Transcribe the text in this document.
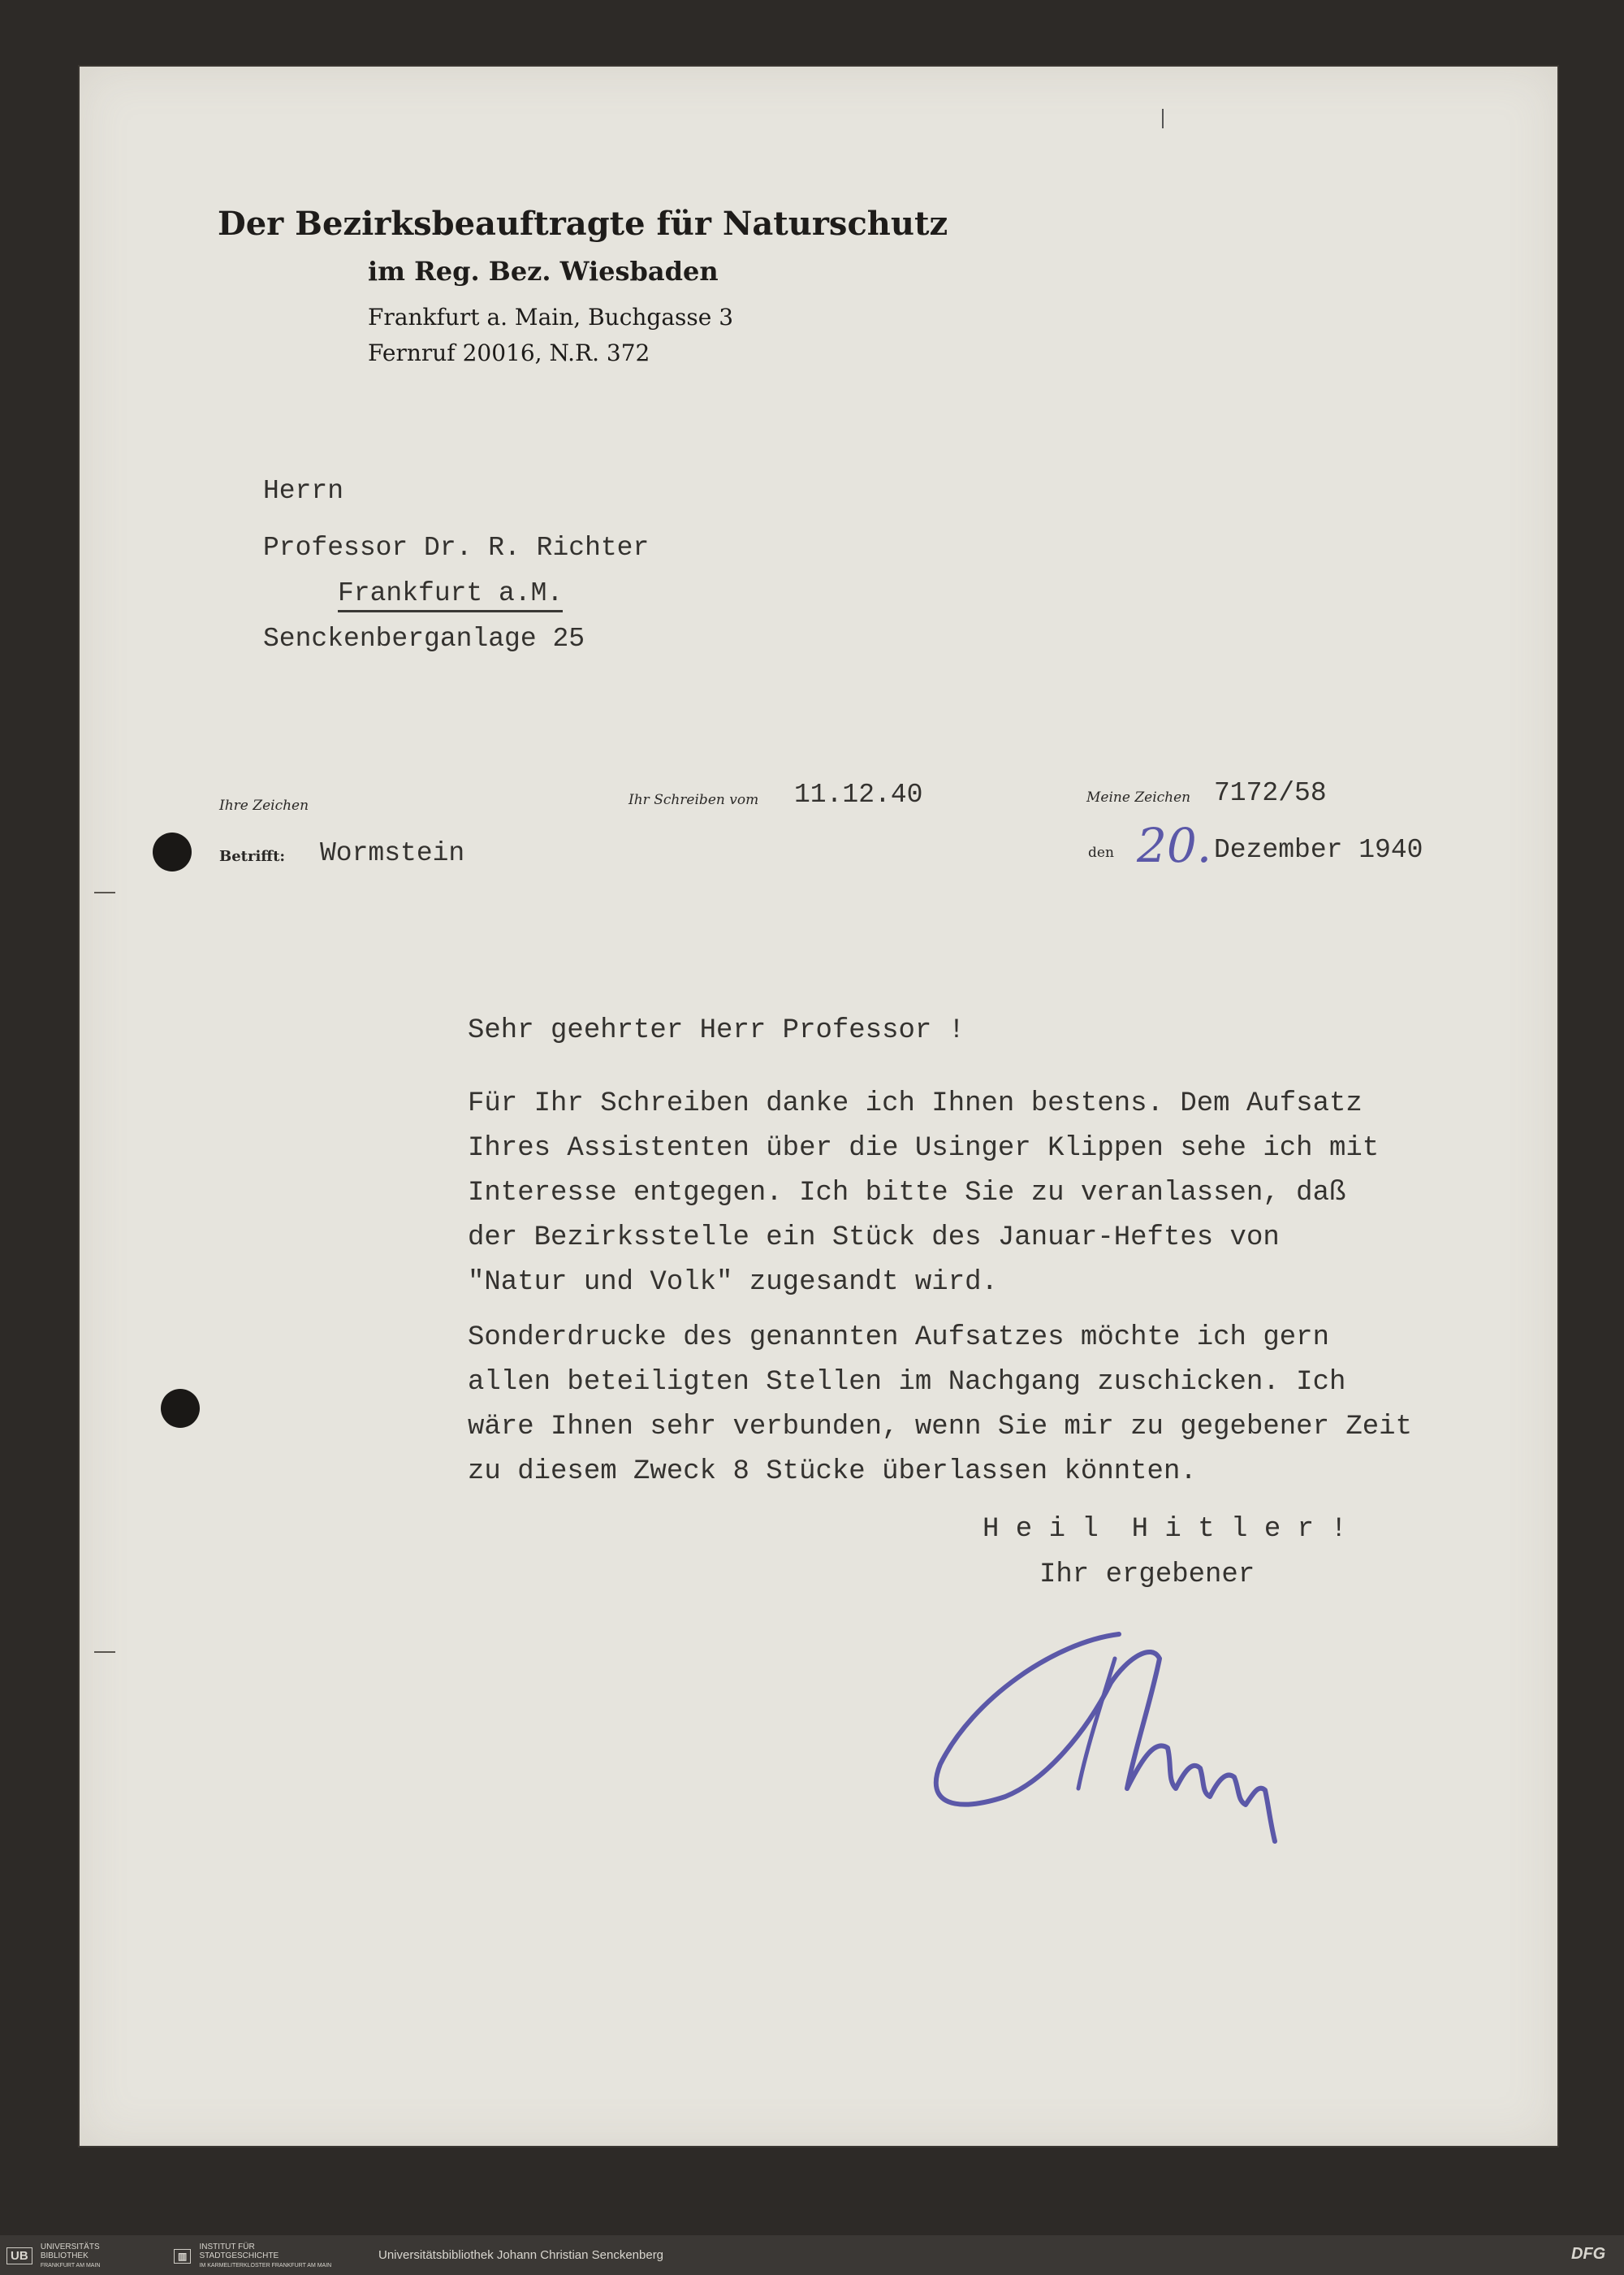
Der Bezirksbeauftragte für Naturschutz
im Reg. Bez. Wiesbaden
Frankfurt a. Main, Buchgasse 3
Fernruf 20016, N.R. 372
Herrn
Professor Dr. R. Richter
Frankfurt a.M.
Senckenberganlage 25
Ihre Zeichen	Ihr Schreiben vom 11.12.40	Meine Zeichen 7172/58
Betrifft: Wormstein	den 20. Dezember 1940
Sehr geehrter Herr Professor !
Für Ihr Schreiben danke ich Ihnen bestens. Dem Aufsatz
Ihres Assistenten über die Usinger Klippen sehe ich mit
Interesse entgegen. Ich bitte Sie zu veranlassen, daß
der Bezirksstelle ein Stück des Januar-Heftes von
"Natur und Volk" zugesandt wird.
Sonderdrucke des genannten Aufsatzes möchte ich gern
allen beteiligten Stellen im Nachgang zuschicken. Ich
wäre Ihnen sehr verbunden, wenn Sie mir zu gegebener Zeit
zu diesem Zweck 8 Stücke überlassen könnten.
H e i l  H i t l e r !
Ihr ergebener
UB UNIVERSITÄTS
BIBLIOTHEK
FRANKFURT AM MAIN
▥ INSTITUT FÜR
STADTGESCHICHTE
IM KARMELITERKLOSTER FRANKFURT AM MAIN
Universitätsbibliothek Johann Christian Senckenberg	DFG
